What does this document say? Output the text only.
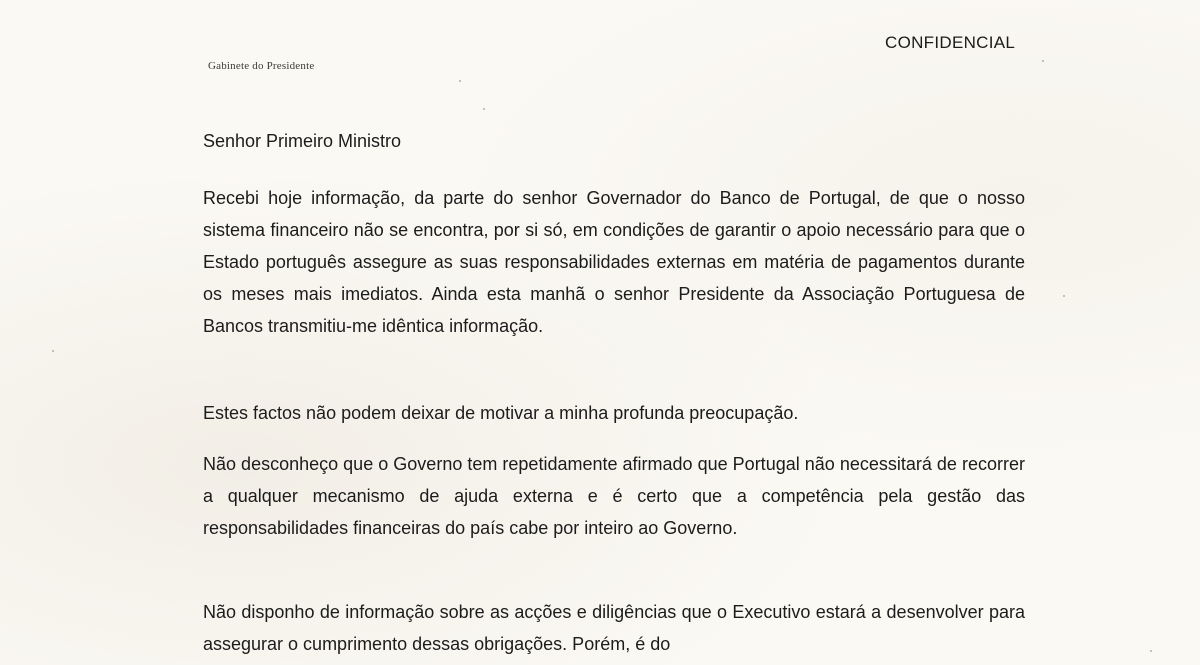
CONFIDENCIAL
Gabinete do Presidente
Senhor Primeiro Ministro

Recebi hoje informação, da parte do senhor Governador do Banco de Portugal, de que o nosso sistema financeiro não se encontra, por si só, em condições de garantir o apoio necessário para que o Estado português assegure as suas responsabilidades externas em matéria de pagamentos durante os meses mais imediatos. Ainda esta manhã o senhor Presidente da Associação Portuguesa de Bancos transmitiu-me idêntica informação.

Estes factos não podem deixar de motivar a minha profunda preocupação.

Não desconheço que o Governo tem repetidamente afirmado que Portugal não necessitará de recorrer a qualquer mecanismo de ajuda externa e é certo que a competência pela gestão das responsabilidades financeiras do país cabe por inteiro ao Governo.

Não disponho de informação sobre as acções e diligências que o Executivo estará a desenvolver para assegurar o cumprimento dessas obrigações. Porém, é do
